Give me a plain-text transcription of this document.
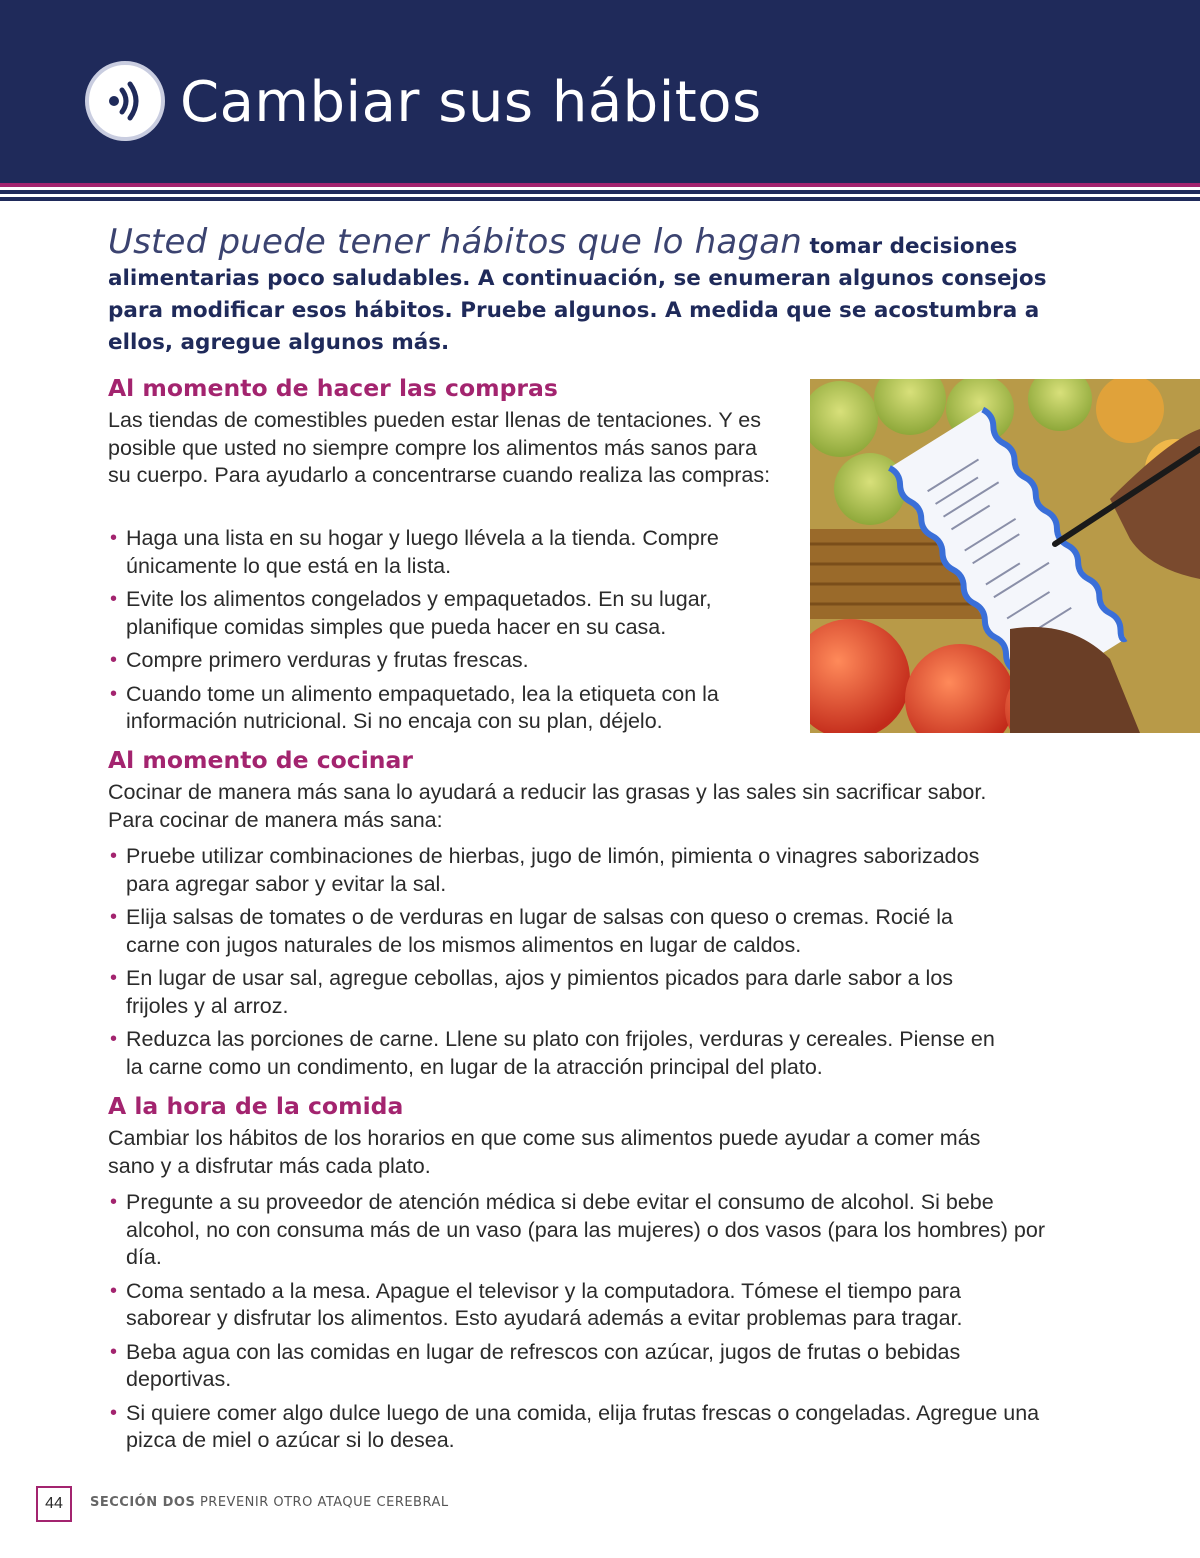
Cambiar sus hábitos

Usted puede tener hábitos que lo hagan tomar decisiones alimentarias poco saludables. A continuación, se enumeran algunos consejos para modificar esos hábitos. Pruebe algunos. A medida que se acostumbra a ellos, agregue algunos más.

Al momento de hacer las compras

Las tiendas de comestibles pueden estar llenas de tentaciones. Y es posible que usted no siempre compre los alimentos más sanos para su cuerpo. Para ayudarlo a concentrarse cuando realiza las compras:

• Haga una lista en su hogar y luego llévela a la tienda. Compre únicamente lo que está en la lista.
• Evite los alimentos congelados y empaquetados. En su lugar, planifique comidas simples que pueda hacer en su casa.
• Compre primero verduras y frutas frescas.
• Cuando tome un alimento empaquetado, lea la etiqueta con la información nutricional. Si no encaja con su plan, déjelo.
Al momento de cocinar

Cocinar de manera más sana lo ayudará a reducir las grasas y las sales sin sacrificar sabor. Para cocinar de manera más sana:

• Pruebe utilizar combinaciones de hierbas, jugo de limón, pimienta o vinagres saborizados para agregar sabor y evitar la sal.
• Elija salsas de tomates o de verduras en lugar de salsas con queso o cremas. Rocié la carne con jugos naturales de los mismos alimentos en lugar de caldos.
• En lugar de usar sal, agregue cebollas, ajos y pimientos picados para darle sabor a los frijoles y al arroz.
• Reduzca las porciones de carne. Llene su plato con frijoles, verduras y cereales. Piense en la carne como un condimento, en lugar de la atracción principal del plato.
A la hora de la comida

Cambiar los hábitos de los horarios en que come sus alimentos puede ayudar a comer más sano y a disfrutar más cada plato.

• Pregunte a su proveedor de atención médica si debe evitar el consumo de alcohol. Si bebe alcohol, no con consuma más de un vaso (para las mujeres) o dos vasos (para los hombres) por día.
• Coma sentado a la mesa. Apague el televisor y la computadora. Tómese el tiempo para saborear y disfrutar los alimentos. Esto ayudará además a evitar problemas para tragar.
• Beba agua con las comidas en lugar de refrescos con azúcar, jugos de frutas o bebidas deportivas.
• Si quiere comer algo dulce luego de una comida, elija frutas frescas o congeladas. Agregue una pizca de miel o azúcar si lo desea.
44	SECCIÓN DOS PREVENIR OTRO ATAQUE CEREBRAL
